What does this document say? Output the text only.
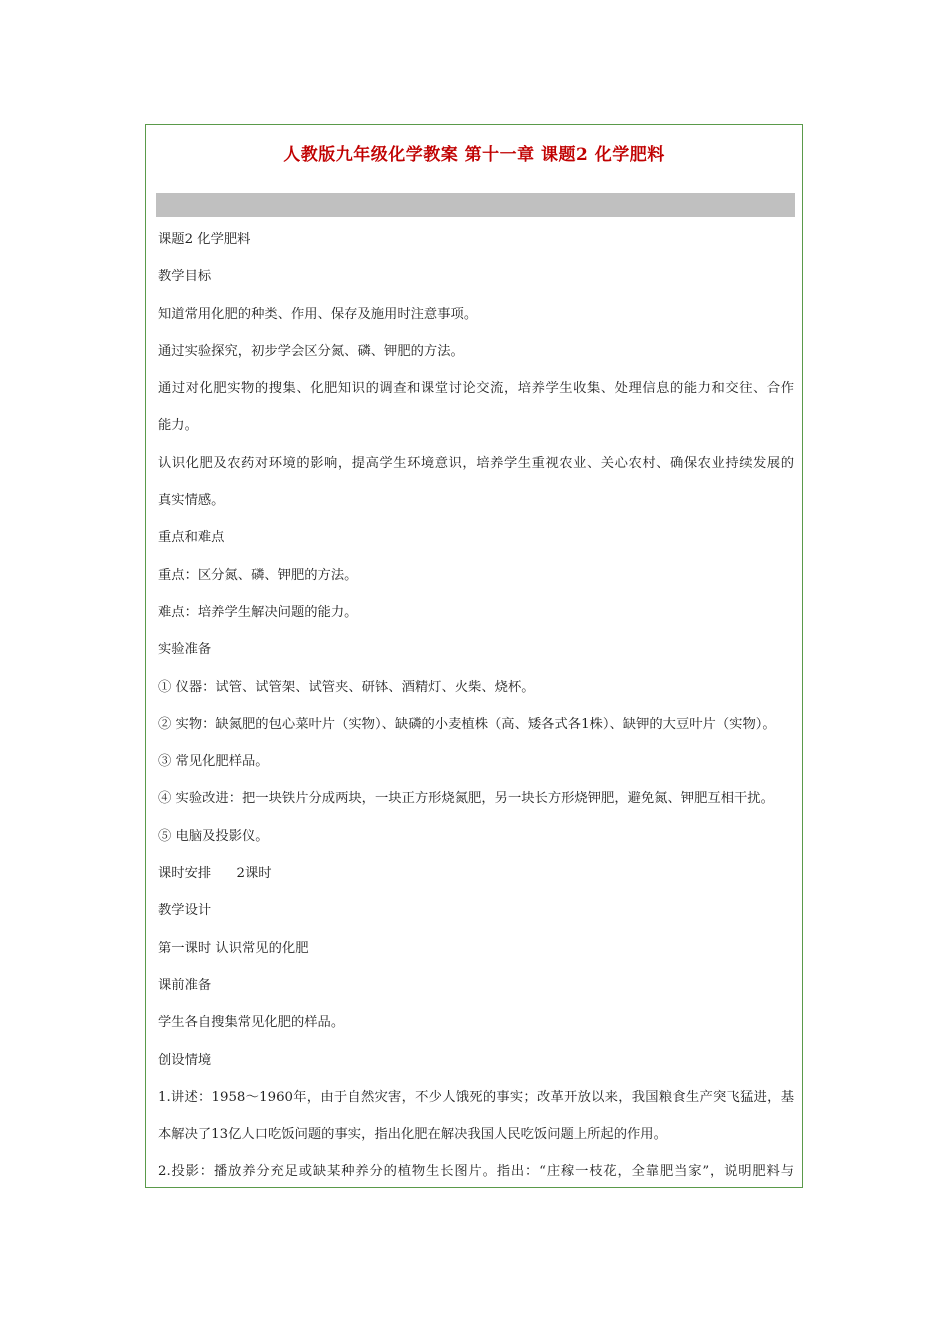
人教版九年级化学教案 第十一章 课题2 化学肥料
课题2 化学肥料
教学目标
知道常用化肥的种类、作用、保存及施用时注意事项。
通过实验探究，初步学会区分氮、磷、钾肥的方法。
通过对化肥实物的搜集、化肥知识的调查和课堂讨论交流，培养学生收集、处理信息的能力和交往、合作
能力。
认识化肥及农药对环境的影响，提高学生环境意识，培养学生重视农业、关心农村、确保农业持续发展的
真实情感。
重点和难点
重点：区分氮、磷、钾肥的方法。
难点：培养学生解决问题的能力。
实验准备
① 仪器：试管、试管架、试管夹、研钵、酒精灯、火柴、烧杯。
② 实物：缺氮肥的包心菜叶片（实物）、缺磷的小麦植株（高、矮各式各1株）、缺钾的大豆叶片（实物）。
③ 常见化肥样品。
④ 实验改进：把一块铁片分成两块，一块正方形烧氮肥，另一块长方形烧钾肥，避免氮、钾肥互相干扰。
⑤ 电脑及投影仪。
课时安排      2课时
教学设计
第一课时 认识常见的化肥
课前准备
学生各自搜集常见化肥的样品。
创设情境
1.讲述：1958～1960年，由于自然灾害，不少人饿死的事实；改革开放以来，我国粮食生产突飞猛进，基
本解决了13亿人口吃饭问题的事实，指出化肥在解决我国人民吃饭问题上所起的作用。
2.投影：播放养分充足或缺某种养分的植物生长图片。指出：“庄稼一枝花，全靠肥当家”，说明肥料与
